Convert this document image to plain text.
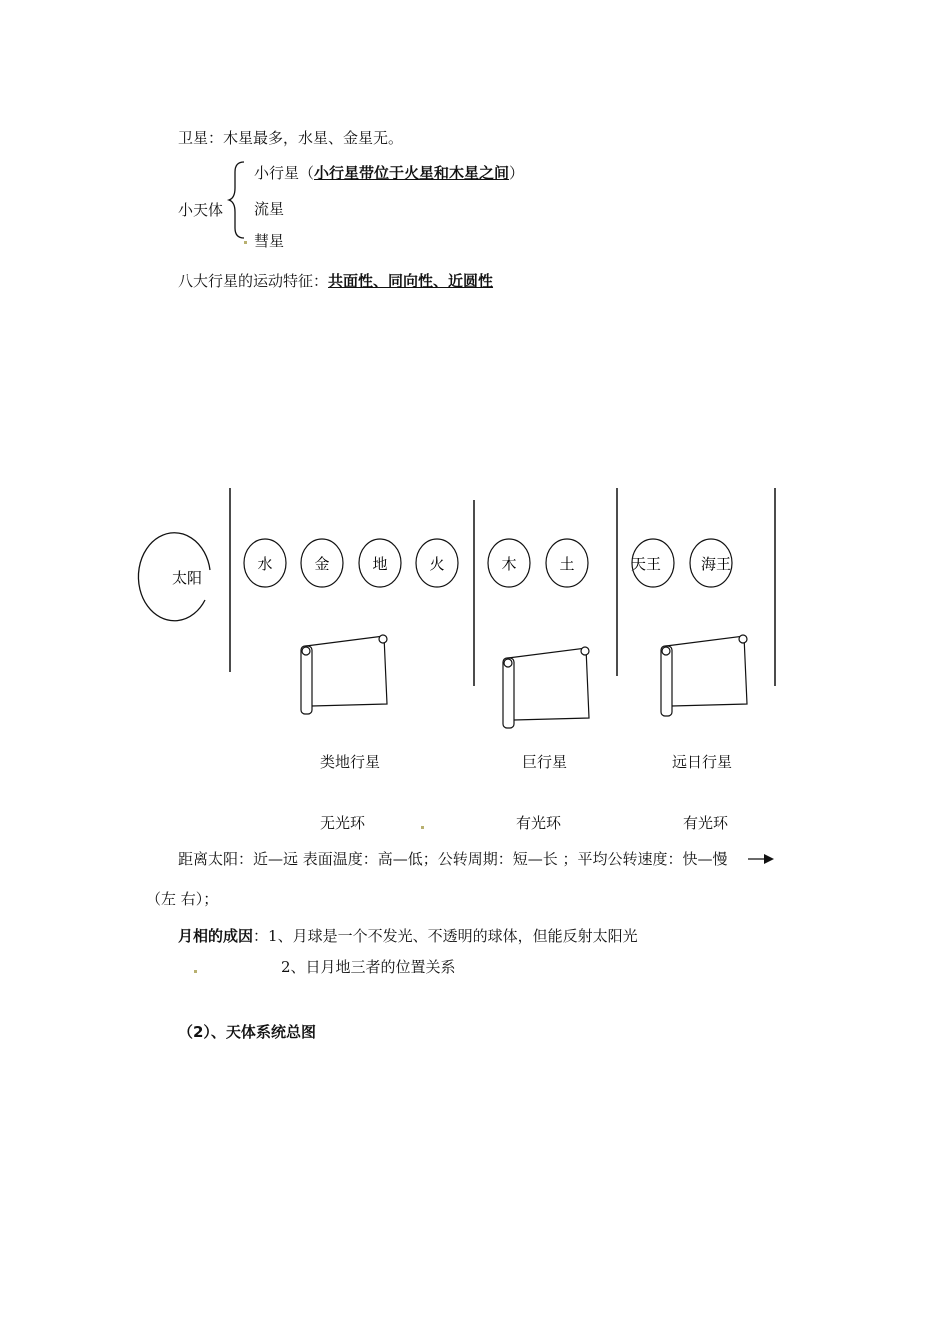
卫星：木星最多，水星、金星无。
小天体
小行星（小行星带位于火星和木星之间）
流星
彗星
八大行星的运动特征：共面性、同向性、近圆性
太阳
水	金	地	火	木	土	天王	海王
类地行星	巨行星	远日行星
无光环	有光环	有光环
距离太阳：近—远 表面温度：高—低；公转周期：短—长 ；平均公转速度：快—慢
（左 右）；
月相的成因：1、月球是一个不发光、不透明的球体，但能反射太阳光
2、日月地三者的位置关系
（2）、天体系统总图
